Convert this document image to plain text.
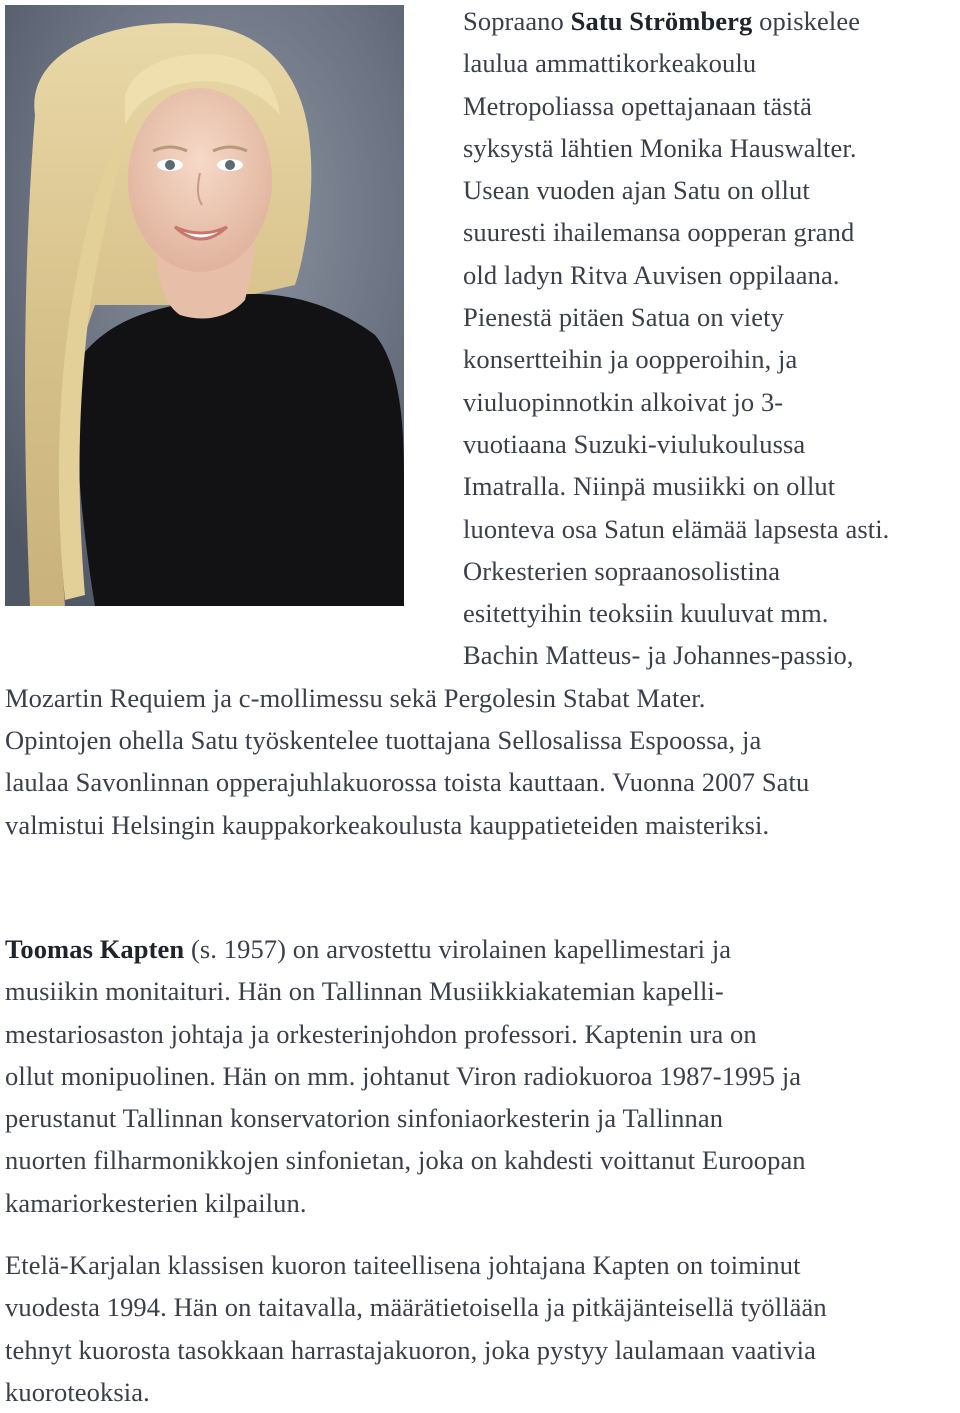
Sopraano Satu Strömberg opiskelee
laulua ammattikorkeakoulu
Metropoliassa opettajanaan tästä
syksystä lähtien Monika Hauswalter.
Usean vuoden ajan Satu on ollut
suuresti ihailemansa oopperan grand
old ladyn Ritva Auvisen oppilaana.
Pienestä pitäen Satua on viety
konsertteihin ja oopperoihin, ja
viuluopinnotkin alkoivat jo 3-
vuotiaana Suzuki-viulukoulussa
Imatralla. Niinpä musiikki on ollut
luonteva osa Satun elämää lapsesta asti.
Orkesterien sopraanosolistina
esitettyihin teoksiin kuuluvat mm.
Bachin Matteus- ja Johannes-passio,
Mozartin Requiem ja c-mollimessu sekä Pergolesin Stabat Mater.
Opintojen ohella Satu työskentelee tuottajana Sellosalissa Espoossa, ja
laulaa Savonlinnan opperajuhlakuorossa toista kauttaan. Vuonna 2007 Satu
valmistui Helsingin kauppakorkeakoulusta kauppatieteiden maisteriksi.
Toomas Kapten (s. 1957) on arvostettu virolainen kapellimestari ja
musiikin monitaituri. Hän on Tallinnan Musiikkiakatemian kapelli-
mestariosaston johtaja ja orkesterinjohdon professori. Kaptenin ura on
ollut monipuolinen. Hän on mm. johtanut Viron radiokuoroa 1987-1995 ja
perustanut Tallinnan konservatorion sinfoniaorkesterin ja Tallinnan
nuorten filharmonikkojen sinfonietan, joka on kahdesti voittanut Euroopan
kamariorkesterien kilpailun.
Etelä-Karjalan klassisen kuoron taiteellisena johtajana Kapten on toiminut
vuodesta 1994. Hän on taitavalla, määrätietoisella ja pitkäjänteisellä työllään
tehnyt kuorosta tasokkaan harrastajakuoron, joka pystyy laulamaan vaativia
kuoroteoksia.
